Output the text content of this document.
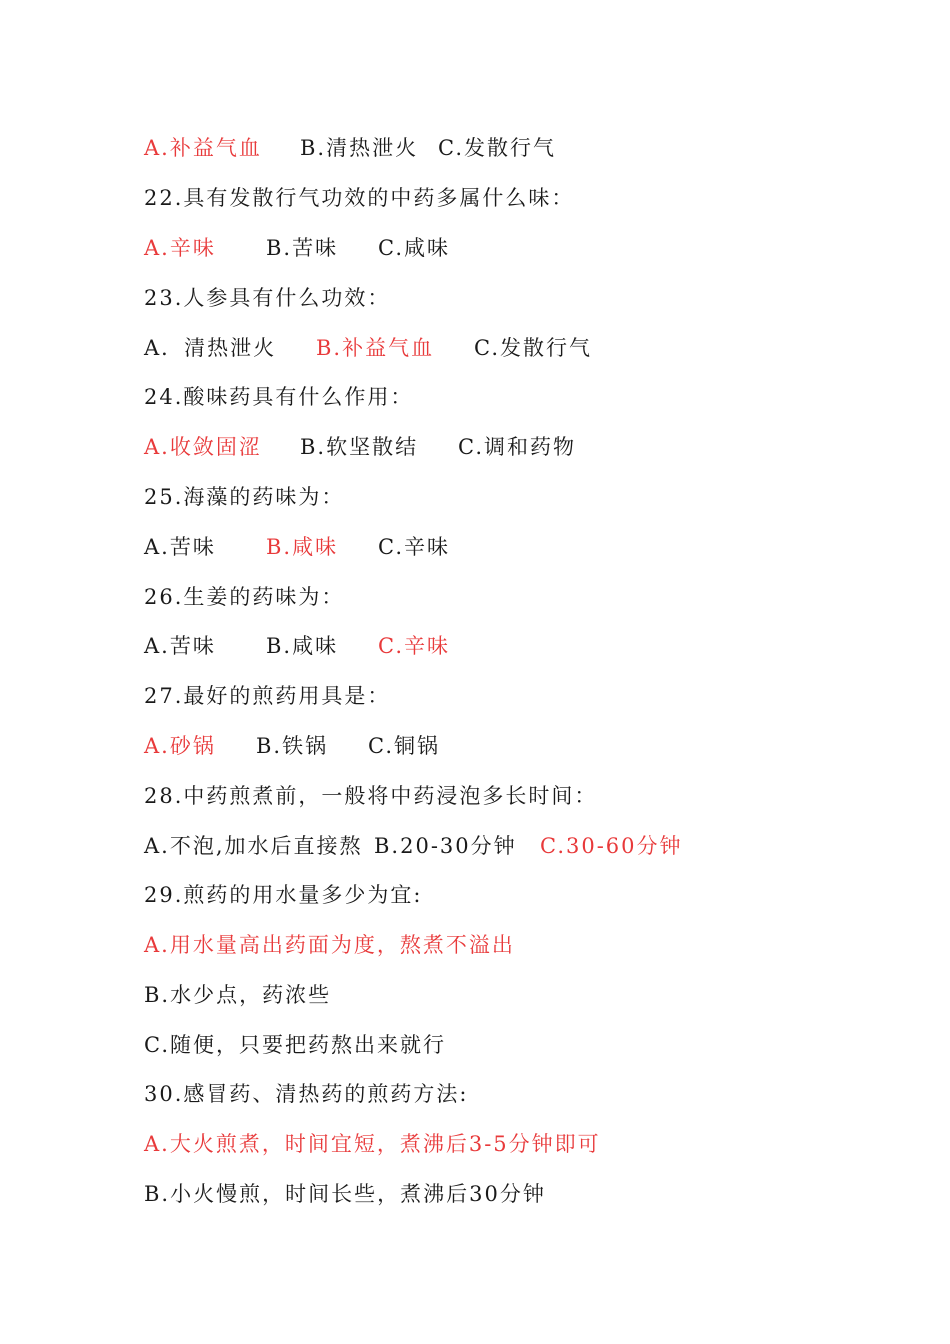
A.补益气血 B.清热泄火 C.发散行气
22.具有发散行气功效的中药多属什么味：
A.辛味 B.苦味 C.咸味
23.人参具有什么功效：
A．清热泄火 B.补益气血 C.发散行气
24.酸味药具有什么作用：
A.收敛固涩 B.软坚散结 C.调和药物
25.海藻的药味为：
A.苦味 B.咸味 C.辛味
26.生姜的药味为：
A.苦味 B.咸味 C.辛味
27.最好的煎药用具是：
A.砂锅 B.铁锅 C.铜锅
28.中药煎煮前，一般将中药浸泡多长时间：
A.不泡,加水后直接熬 B.20-30分钟 C.30-60分钟
29.煎药的用水量多少为宜:
A.用水量高出药面为度，熬煮不溢出
B.水少点，药浓些
C.随便，只要把药熬出来就行
30.感冒药、清热药的煎药方法:
A.大火煎煮，时间宜短，煮沸后3-5分钟即可
B.小火慢煎，时间长些，煮沸后30分钟
